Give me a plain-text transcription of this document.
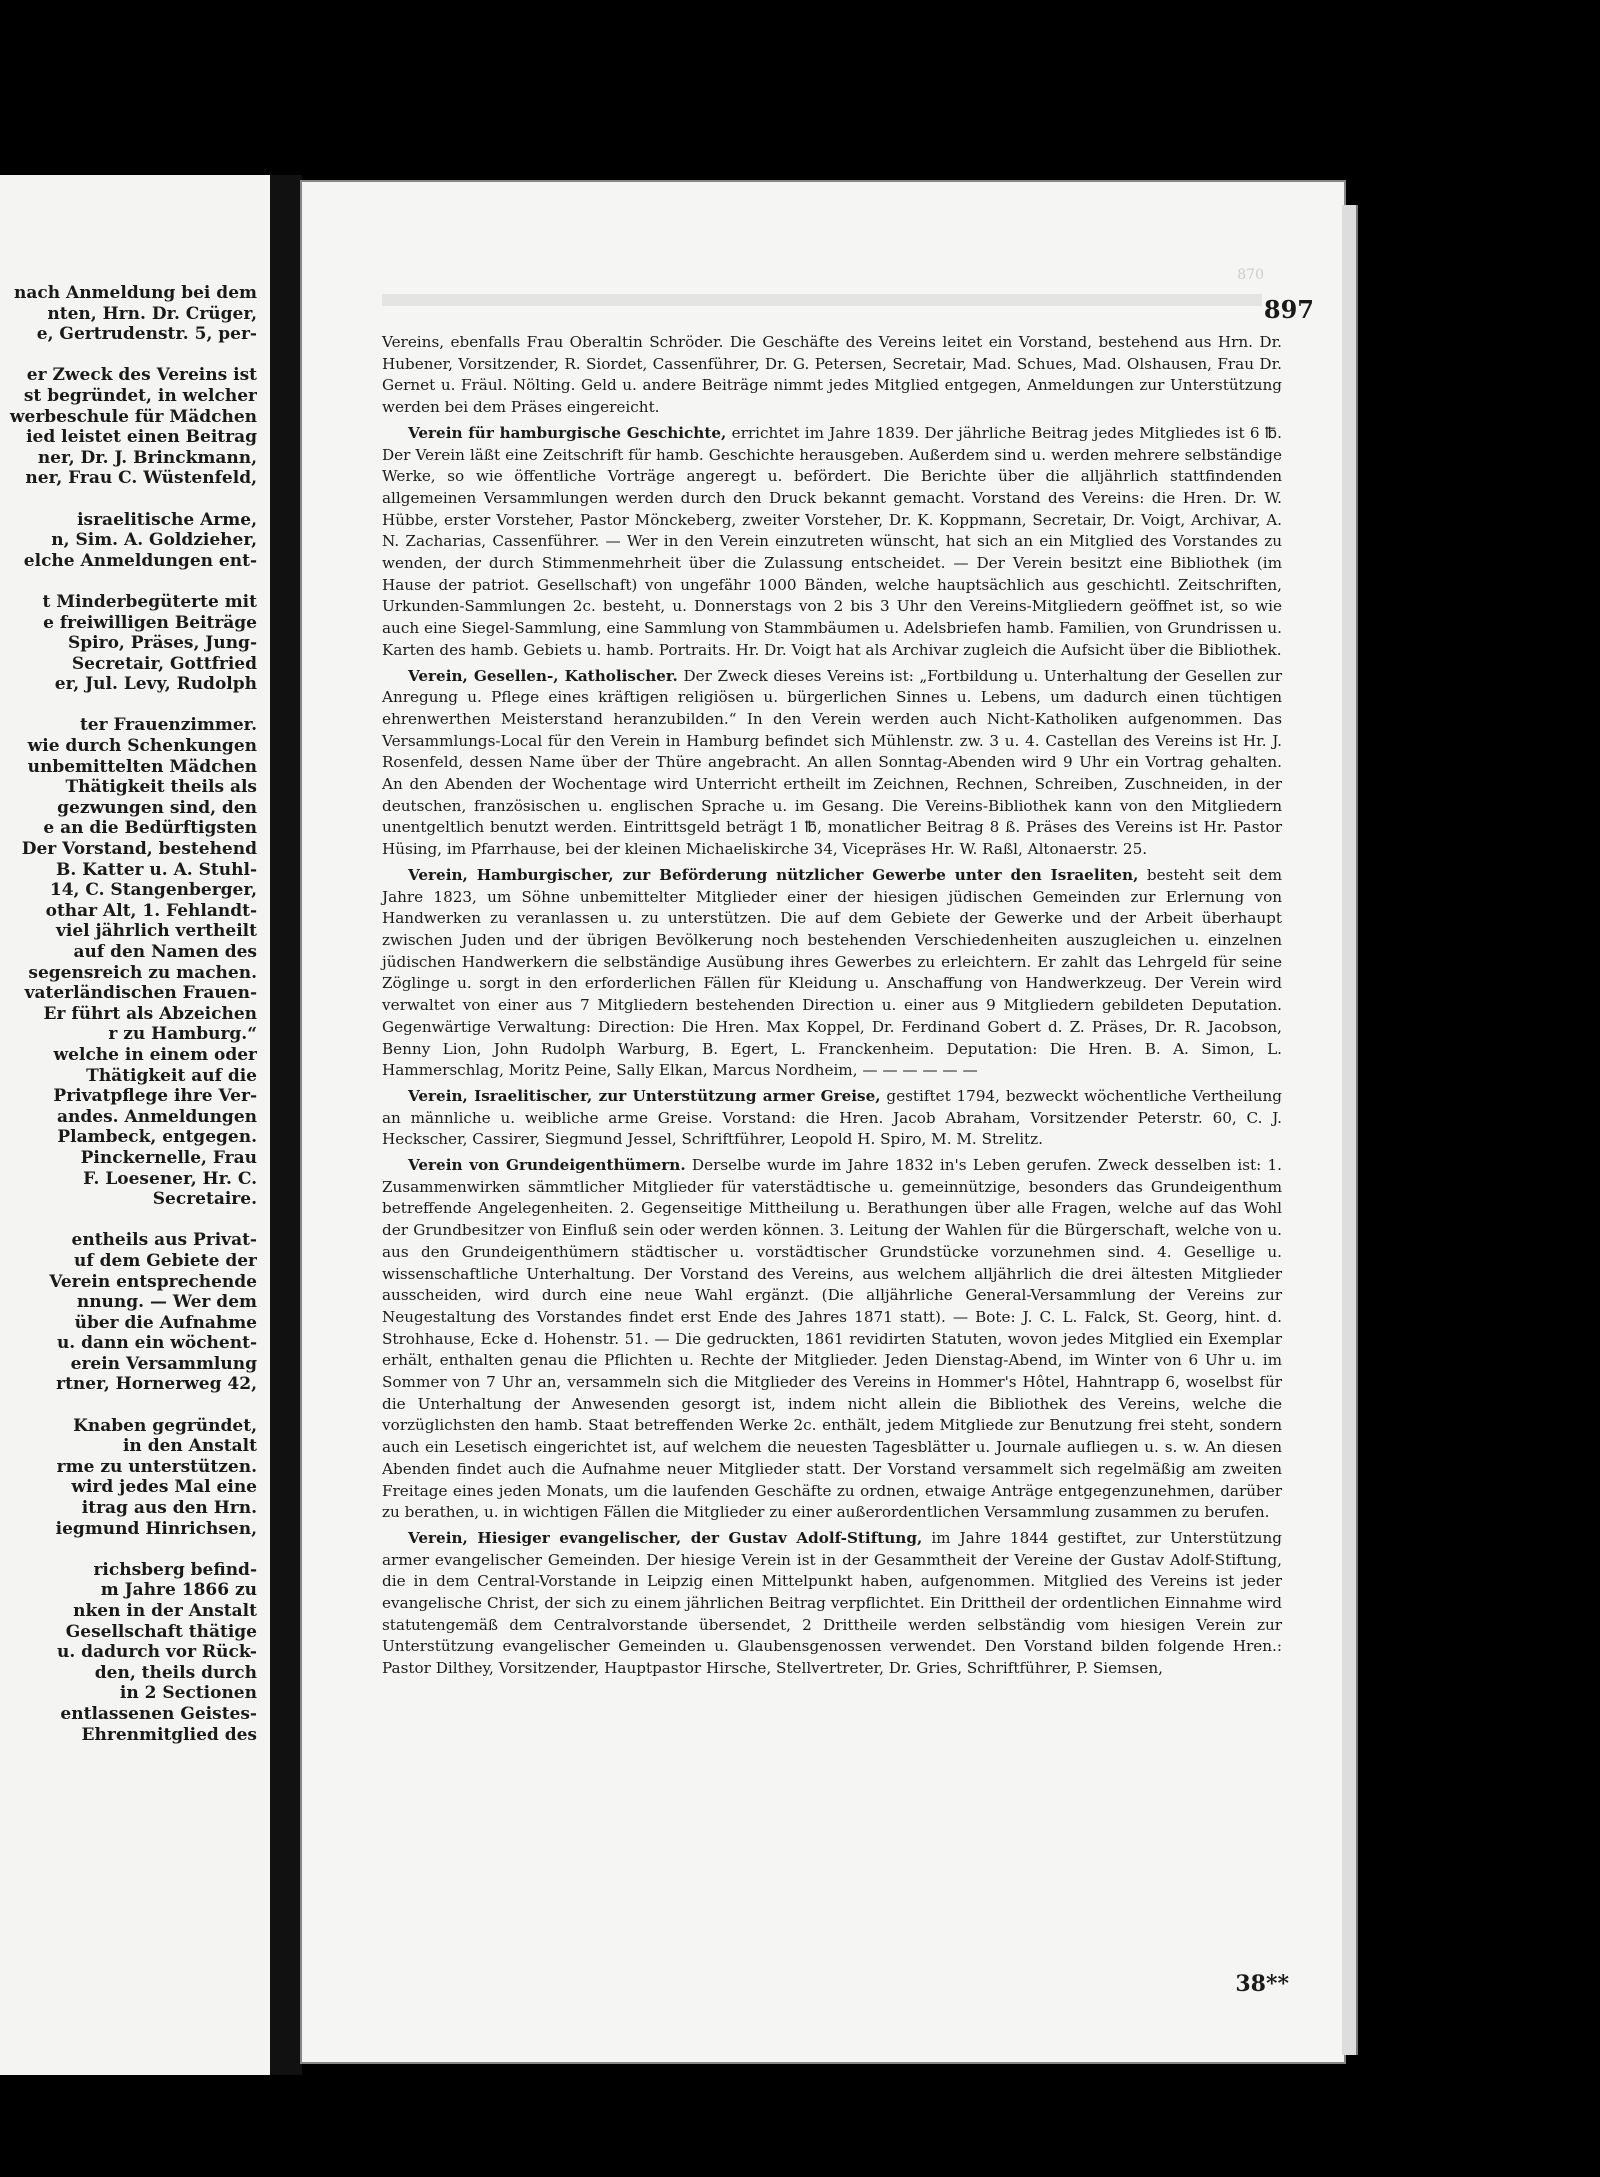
nach Anmeldung bei dem
nten, Hrn. Dr. Crüger,
e, Gertrudenstr. 5, per-
er Zweck des Vereins ist
st begründet, in welcher
werbeschule für Mädchen
ied leistet einen Beitrag
ner, Dr. J. Brinckmann,
ner, Frau C. Wüstenfeld,
israelitische Arme,
n, Sim. A. Goldzieher,
elche Anmeldungen ent-
t Minderbegüterte mit
e freiwilligen Beiträge
Spiro, Präses, Jung-
Secretair, Gottfried
er, Jul. Levy, Rudolph
ter Frauenzimmer.
wie durch Schenkungen
unbemittelten Mädchen
Thätigkeit theils als
gezwungen sind, den
e an die Bedürftigsten
Der Vorstand, bestehend
B. Katter u. A. Stuhl-
14, C. Stangenberger,
othar Alt, 1. Fehlandt-
viel jährlich vertheilt
auf den Namen des
segensreich zu machen.
vaterländischen Frauen-
Er führt als Abzeichen
r zu Hamburg.“
welche in einem oder
Thätigkeit auf die
Privatpflege ihre Ver-
andes. Anmeldungen
Plambeck, entgegen.
Pinckernelle, Frau
F. Loesener, Hr. C.
Secretaire.
entheils aus Privat-
uf dem Gebiete der
Verein entsprechende
nnung. — Wer dem
über die Aufnahme
u. dann ein wöchent-
erein Versammlung
rtner, Hornerweg 42,
Knaben gegründet,
in den Anstalt
rme zu unterstützen.
wird jedes Mal eine
itrag aus den Hrn.
iegmund Hinrichsen,
richsberg befind-
m Jahre 1866 zu
nken in der Anstalt
Gesellschaft thätige
u. dadurch vor Rück-
den, theils durch
in 2 Sectionen
entlassenen Geistes-
Ehrenmitglied des
870
897

Vereins, ebenfalls Frau Oberaltin Schröder. Die Geschäfte des Vereins leitet ein Vorstand, bestehend aus Hrn. Dr. Hubener, Vorsitzender, R. Siordet, Cassenführer, Dr. G. Petersen, Secretair, Mad. Schues, Mad. Olshausen, Frau Dr. Gernet u. Fräul. Nölting. Geld u. andere Beiträge nimmt jedes Mitglied entgegen, Anmeldungen zur Unterstützung werden bei dem Präses eingereicht.

Verein für hamburgische Geschichte, errichtet im Jahre 1839. Der jährliche Beitrag jedes Mitgliedes ist 6 ℔. Der Verein läßt eine Zeitschrift für hamb. Geschichte herausgeben. Außerdem sind u. werden mehrere selbständige Werke, so wie öffentliche Vorträge angeregt u. befördert. Die Berichte über die alljährlich stattfindenden allgemeinen Versammlungen werden durch den Druck bekannt gemacht. Vorstand des Vereins: die Hren. Dr. W. Hübbe, erster Vorsteher, Pastor Mönckeberg, zweiter Vorsteher, Dr. K. Koppmann, Secretair, Dr. Voigt, Archivar, A. N. Zacharias, Cassenführer. — Wer in den Verein einzutreten wünscht, hat sich an ein Mitglied des Vorstandes zu wenden, der durch Stimmenmehrheit über die Zulassung entscheidet. — Der Verein besitzt eine Bibliothek (im Hause der patriot. Gesellschaft) von ungefähr 1000 Bänden, welche hauptsächlich aus geschichtl. Zeitschriften, Urkunden-Sammlungen 2c. besteht, u. Donnerstags von 2 bis 3 Uhr den Vereins-Mitgliedern geöffnet ist, so wie auch eine Siegel-Sammlung, eine Sammlung von Stammbäumen u. Adelsbriefen hamb. Familien, von Grundrissen u. Karten des hamb. Gebiets u. hamb. Portraits. Hr. Dr. Voigt hat als Archivar zugleich die Aufsicht über die Bibliothek.

Verein, Gesellen-, Katholischer. Der Zweck dieses Vereins ist: „Fortbildung u. Unterhaltung der Gesellen zur Anregung u. Pflege eines kräftigen religiösen u. bürgerlichen Sinnes u. Lebens, um dadurch einen tüchtigen ehrenwerthen Meisterstand heranzubilden.“ In den Verein werden auch Nicht-Katholiken aufgenommen. Das Versammlungs-Local für den Verein in Hamburg befindet sich Mühlenstr. zw. 3 u. 4. Castellan des Vereins ist Hr. J. Rosenfeld, dessen Name über der Thüre angebracht. An allen Sonntag-Abenden wird 9 Uhr ein Vortrag gehalten. An den Abenden der Wochentage wird Unterricht ertheilt im Zeichnen, Rechnen, Schreiben, Zuschneiden, in der deutschen, französischen u. englischen Sprache u. im Gesang. Die Vereins-Bibliothek kann von den Mitgliedern unentgeltlich benutzt werden. Eintrittsgeld beträgt 1 ℔, monatlicher Beitrag 8 ß. Präses des Vereins ist Hr. Pastor Hüsing, im Pfarrhause, bei der kleinen Michaeliskirche 34, Vicepräses Hr. W. Raßl, Altonaerstr. 25.

Verein, Hamburgischer, zur Beförderung nützlicher Gewerbe unter den Israeliten, besteht seit dem Jahre 1823, um Söhne unbemittelter Mitglieder einer der hiesigen jüdischen Gemeinden zur Erlernung von Handwerken zu veranlassen u. zu unterstützen. Die auf dem Gebiete der Gewerke und der Arbeit überhaupt zwischen Juden und der übrigen Bevölkerung noch bestehenden Verschiedenheiten auszugleichen u. einzelnen jüdischen Handwerkern die selbständige Ausübung ihres Gewerbes zu erleichtern. Er zahlt das Lehrgeld für seine Zöglinge u. sorgt in den erforderlichen Fällen für Kleidung u. Anschaffung von Handwerkzeug. Der Verein wird verwaltet von einer aus 7 Mitgliedern bestehenden Direction u. einer aus 9 Mitgliedern gebildeten Deputation. Gegenwärtige Verwaltung: Direction: Die Hren. Max Koppel, Dr. Ferdinand Gobert d. Z. Präses, Dr. R. Jacobson, Benny Lion, John Rudolph Warburg, B. Egert, L. Franckenheim. Deputation: Die Hren. B. A. Simon, L. Hammerschlag, Moritz Peine, Sally Elkan, Marcus Nordheim, — — — — — —

Verein, Israelitischer, zur Unterstützung armer Greise, gestiftet 1794, bezweckt wöchentliche Vertheilung an männliche u. weibliche arme Greise. Vorstand: die Hren. Jacob Abraham, Vorsitzender Peterstr. 60, C. J. Heckscher, Cassirer, Siegmund Jessel, Schriftführer, Leopold H. Spiro, M. M. Strelitz.

Verein von Grundeigenthümern. Derselbe wurde im Jahre 1832 in's Leben gerufen. Zweck desselben ist: 1. Zusammenwirken sämmtlicher Mitglieder für vaterstädtische u. gemeinnützige, besonders das Grundeigenthum betreffende Angelegenheiten. 2. Gegenseitige Mittheilung u. Berathungen über alle Fragen, welche auf das Wohl der Grundbesitzer von Einfluß sein oder werden können. 3. Leitung der Wahlen für die Bürgerschaft, welche von u. aus den Grundeigenthümern städtischer u. vorstädtischer Grundstücke vorzunehmen sind. 4. Gesellige u. wissenschaftliche Unterhaltung. Der Vorstand des Vereins, aus welchem alljährlich die drei ältesten Mitglieder ausscheiden, wird durch eine neue Wahl ergänzt. (Die alljährliche General-Versammlung der Vereins zur Neugestaltung des Vorstandes findet erst Ende des Jahres 1871 statt). — Bote: J. C. L. Falck, St. Georg, hint. d. Strohhause, Ecke d. Hohenstr. 51. — Die gedruckten, 1861 revidirten Statuten, wovon jedes Mitglied ein Exemplar erhält, enthalten genau die Pflichten u. Rechte der Mitglieder. Jeden Dienstag-Abend, im Winter von 6 Uhr u. im Sommer von 7 Uhr an, versammeln sich die Mitglieder des Vereins in Hommer's Hôtel, Hahntrapp 6, woselbst für die Unterhaltung der Anwesenden gesorgt ist, indem nicht allein die Bibliothek des Vereins, welche die vorzüglichsten den hamb. Staat betreffenden Werke 2c. enthält, jedem Mitgliede zur Benutzung frei steht, sondern auch ein Lesetisch eingerichtet ist, auf welchem die neuesten Tagesblätter u. Journale aufliegen u. s. w. An diesen Abenden findet auch die Aufnahme neuer Mitglieder statt. Der Vorstand versammelt sich regelmäßig am zweiten Freitage eines jeden Monats, um die laufenden Geschäfte zu ordnen, etwaige Anträge entgegenzunehmen, darüber zu berathen, u. in wichtigen Fällen die Mitglieder zu einer außerordentlichen Versammlung zusammen zu berufen.

Verein, Hiesiger evangelischer, der Gustav Adolf-Stiftung, im Jahre 1844 gestiftet, zur Unterstützung armer evangelischer Gemeinden. Der hiesige Verein ist in der Gesammtheit der Vereine der Gustav Adolf-Stiftung, die in dem Central-Vorstande in Leipzig einen Mittelpunkt haben, aufgenommen. Mitglied des Vereins ist jeder evangelische Christ, der sich zu einem jährlichen Beitrag verpflichtet. Ein Drittheil der ordentlichen Einnahme wird statutengemäß dem Centralvorstande übersendet, 2 Drittheile werden selbständig vom hiesigen Verein zur Unterstützung evangelischer Gemeinden u. Glaubensgenossen verwendet. Den Vorstand bilden folgende Hren.: Pastor Dilthey, Vorsitzender, Hauptpastor Hirsche, Stellvertreter, Dr. Gries, Schriftführer, P. Siemsen,

38**
